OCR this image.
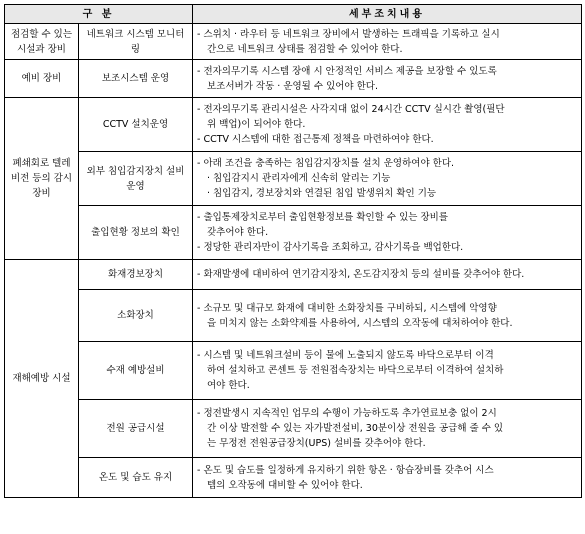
구 분		세부조치내용
점검할 수 있는 시설과 장비	네트워크 시스템 모니터링	- 스위치 · 라우터 등 네트워크 장비에서 발생하는 트래픽을 기록하고 실시
간으로 네트워크 상태를 점검할 수 있어야 한다.

예비 장비	보조시스템 운영	- 전자의무기록 시스템 장애 시 안정적인 서비스 제공을 보장할 수 있도록
보조서버가 작동 · 운영될 수 있어야 한다.

폐쇄회로 텔레비전 등의 감시 장비	CCTV 설치운영	- 전자의무기록 관리시설은 사각지대 없이 24시간 CCTV 실시간 촬영(필단
위 백업)이 되어야 한다.
- CCTV 시스템에 대한 접근통제 정책을 마련하여야 한다.

	외부 침입감지장치 설비 운영	- 아래 조건을 충족하는 침입감지장치를 설치 운영하여야 한다.
· 침입감지시 관리자에게 신속히 알리는 기능
· 침입감지, 경보장치와 연결된 침입 발생위치 확인 기능

	출입현황 정보의 확인	- 출입통제장치로부터 출입현황정보를 확인할 수 있는 장비를
갖추어야 한다.
- 정당한 관리자만이 감사기록을 조회하고, 감사기록을 백업한다.

재해예방 시설	화재경보장치	- 화재발생에 대비하여 연기감지장치, 온도감지장치 등의 설비를 갖추어야 한다.

	소화장치	- 소규모 및 대규모 화재에 대비한 소화장치를 구비하되, 시스템에 악영향
을 미치지 않는 소화약제를 사용하여, 시스템의 오작동에 대처하여야 한다.

	수재 예방설비	- 시스템 및 네트워크설비 등이 물에 노출되지 않도록 바닥으로부터 이격
하여 설치하고 콘센트 등 전원접속장치는 바닥으로부터 이격하여 설치하
여야 한다.

	전원 공급시설	- 정전발생시 지속적인 업무의 수행이 가능하도록 추가연료보충 없이 2시
간 이상 발전할 수 있는 자가발전설비, 30분이상 전원을 공급해 줄 수 있
는 무정전 전원공급장치(UPS) 설비를 갖추어야 한다.

	온도 및 습도 유지	- 온도 및 습도를 일정하게 유지하기 위한 항온 · 항습장비를 갖추어 시스
템의 오작동에 대비할 수 있어야 한다.
